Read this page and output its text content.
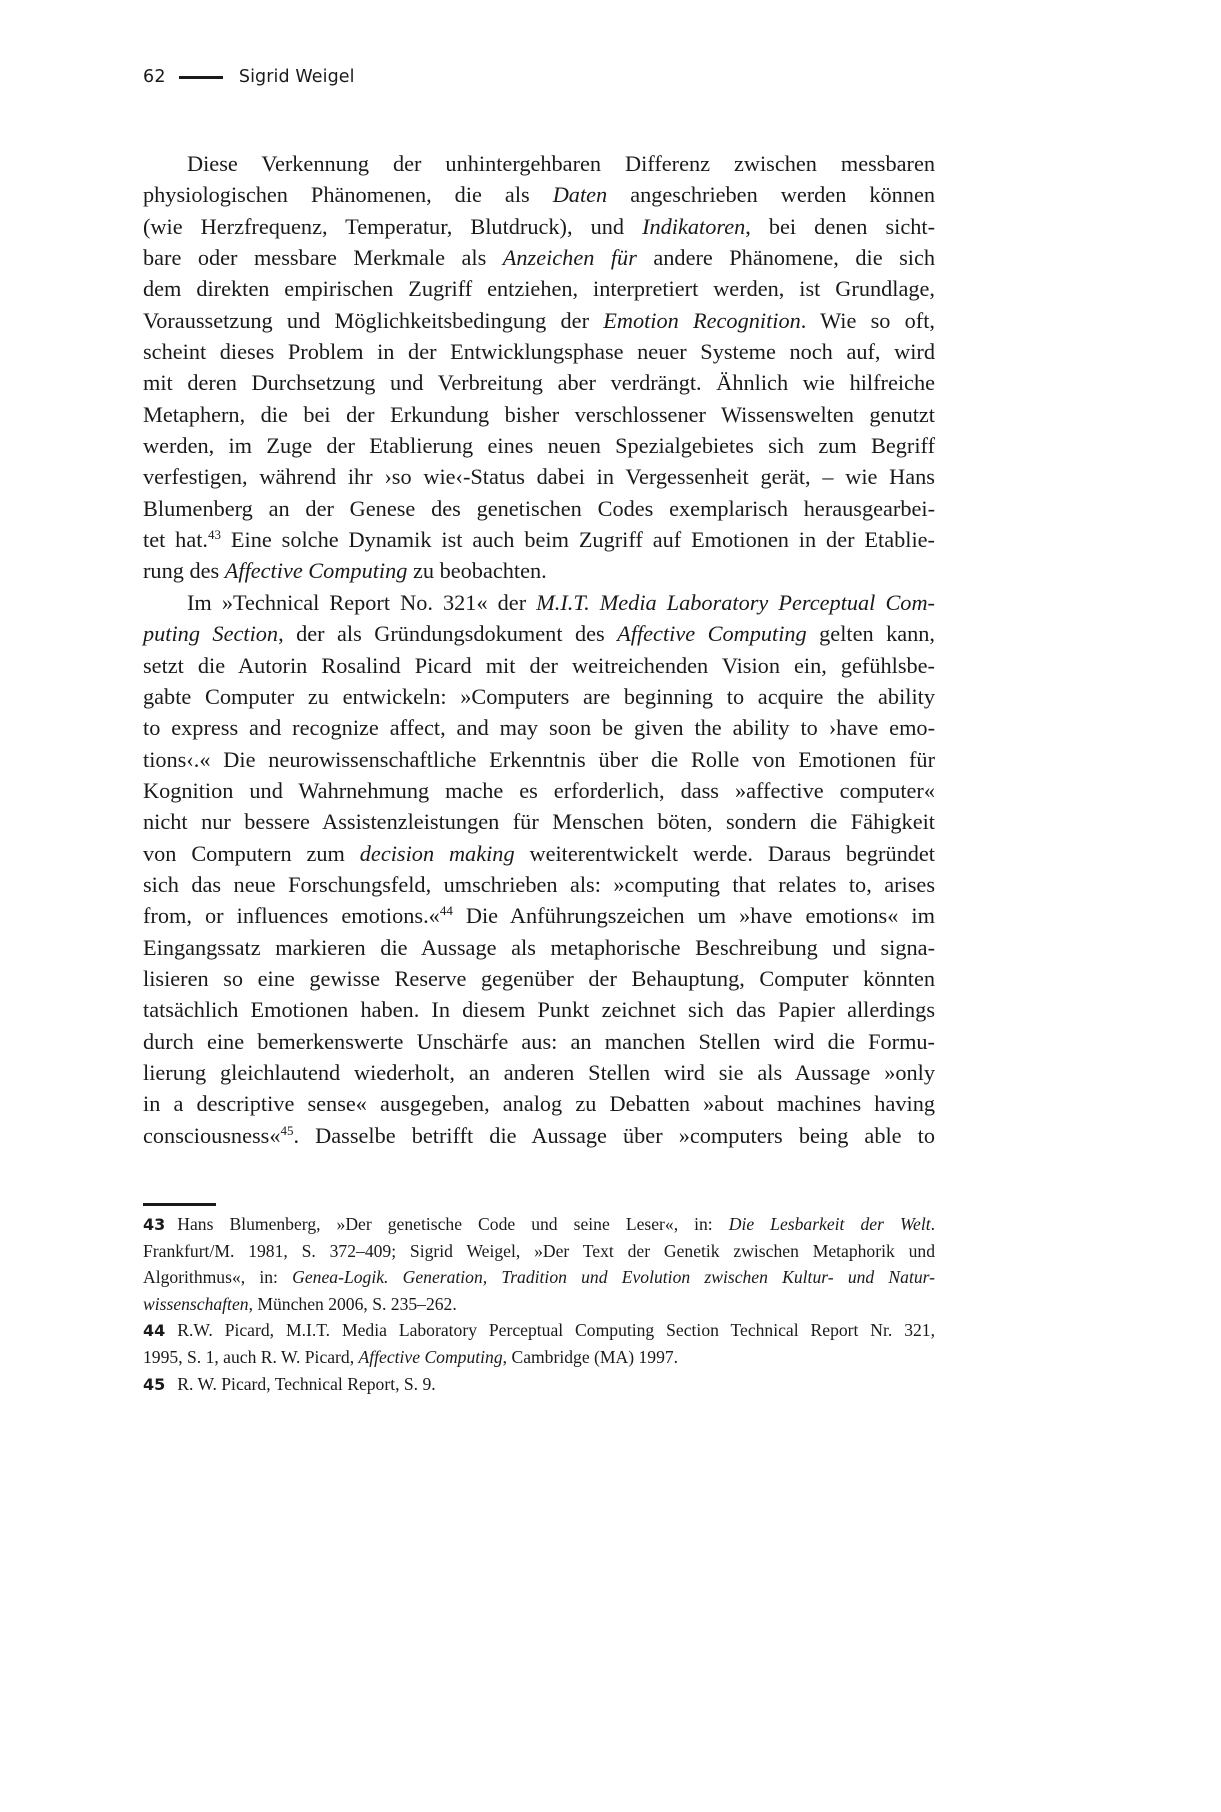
62	Sigrid Weigel
Diese Verkennung der unhintergehbaren Differenz zwischen messbaren
physiologischen Phänomenen, die als Daten angeschrieben werden können
(wie Herzfrequenz, Temperatur, Blutdruck), und Indikatoren, bei denen sicht-
bare oder messbare Merkmale als Anzeichen für andere Phänomene, die sich
dem direkten empirischen Zugriff entziehen, interpretiert werden, ist Grundlage,
Voraussetzung und Möglichkeitsbedingung der Emotion Recognition. Wie so oft,
scheint dieses Problem in der Entwicklungsphase neuer Systeme noch auf, wird
mit deren Durchsetzung und Verbreitung aber verdrängt. Ähnlich wie hilfreiche
Metaphern, die bei der Erkundung bisher verschlossener Wissenswelten genutzt
werden, im Zuge der Etablierung eines neuen Spezialgebietes sich zum Begriff
verfestigen, während ihr ›so wie‹-Status dabei in Vergessenheit gerät, – wie Hans
Blumenberg an der Genese des genetischen Codes exemplarisch herausgearbei-
tet hat.$^{43}$ Eine solche Dynamik ist auch beim Zugriff auf Emotionen in der Etablie-
rung des Affective Computing zu beobachten.
Im »Technical Report No. 321« der M.I.T. Media Laboratory Perceptual Com-
puting Section, der als Gründungsdokument des Affective Computing gelten kann,
setzt die Autorin Rosalind Picard mit der weitreichenden Vision ein, gefühlsbe-
gabte Computer zu entwickeln: »Computers are beginning to acquire the ability
to express and recognize affect, and may soon be given the ability to ›have emo-
tions‹.« Die neurowissenschaftliche Erkenntnis über die Rolle von Emotionen für
Kognition und Wahrnehmung mache es erforderlich, dass »affective computer«
nicht nur bessere Assistenzleistungen für Menschen böten, sondern die Fähigkeit
von Computern zum decision making weiterentwickelt werde. Daraus begründet
sich das neue Forschungsfeld, umschrieben als: »computing that relates to, arises
from, or influences emotions.«$^{44}$ Die Anführungszeichen um »have emotions« im
Eingangssatz markieren die Aussage als metaphorische Beschreibung und signa-
lisieren so eine gewisse Reserve gegenüber der Behauptung, Computer könnten
tatsächlich Emotionen haben. In diesem Punkt zeichnet sich das Papier allerdings
durch eine bemerkenswerte Unschärfe aus: an manchen Stellen wird die Formu-
lierung gleichlautend wiederholt, an anderen Stellen wird sie als Aussage »only
in a descriptive sense« ausgegeben, analog zu Debatten »about machines having
consciousness«$^{45}$. Dasselbe betrifft die Aussage über »computers being able to
43 Hans Blumenberg, »Der genetische Code und seine Leser«, in: Die Lesbarkeit der Welt.
Frankfurt/M. 1981, S. 372–409; Sigrid Weigel, »Der Text der Genetik zwischen Metaphorik und
Algorithmus«, in: Genea-Logik. Generation, Tradition und Evolution zwischen Kultur- und Natur-
wissenschaften, München 2006, S. 235–262.
44 R.W. Picard, M.I.T. Media Laboratory Perceptual Computing Section Technical Report Nr. 321,
1995, S. 1, auch R. W. Picard, Affective Computing, Cambridge (MA) 1997.
45 R. W. Picard, Technical Report, S. 9.
